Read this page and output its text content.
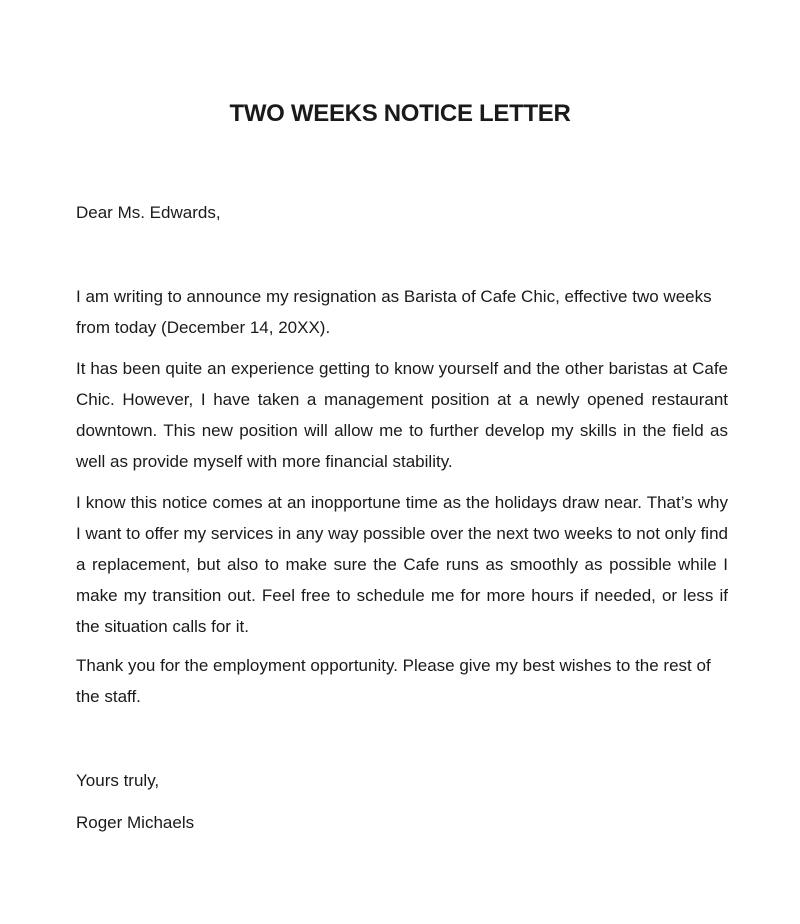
TWO WEEKS NOTICE LETTER

Dear Ms. Edwards,

I am writing to announce my resignation as Barista of Cafe Chic, effective two weeks from today (December 14, 20XX).

It has been quite an experience getting to know yourself and the other baristas at Cafe Chic. However, I have taken a management position at a newly opened restaurant downtown. This new position will allow me to further develop my skills in the field as well as provide myself with more financial stability.

I know this notice comes at an inopportune time as the holidays draw near. That’s why I want to offer my services in any way possible over the next two weeks to not only find a replacement, but also to make sure the Cafe runs as smoothly as possible while I make my transition out. Feel free to schedule me for more hours if needed, or less if the situation calls for it.

Thank you for the employment opportunity. Please give my best wishes to the rest of the staff.

Yours truly,

Roger Michaels
